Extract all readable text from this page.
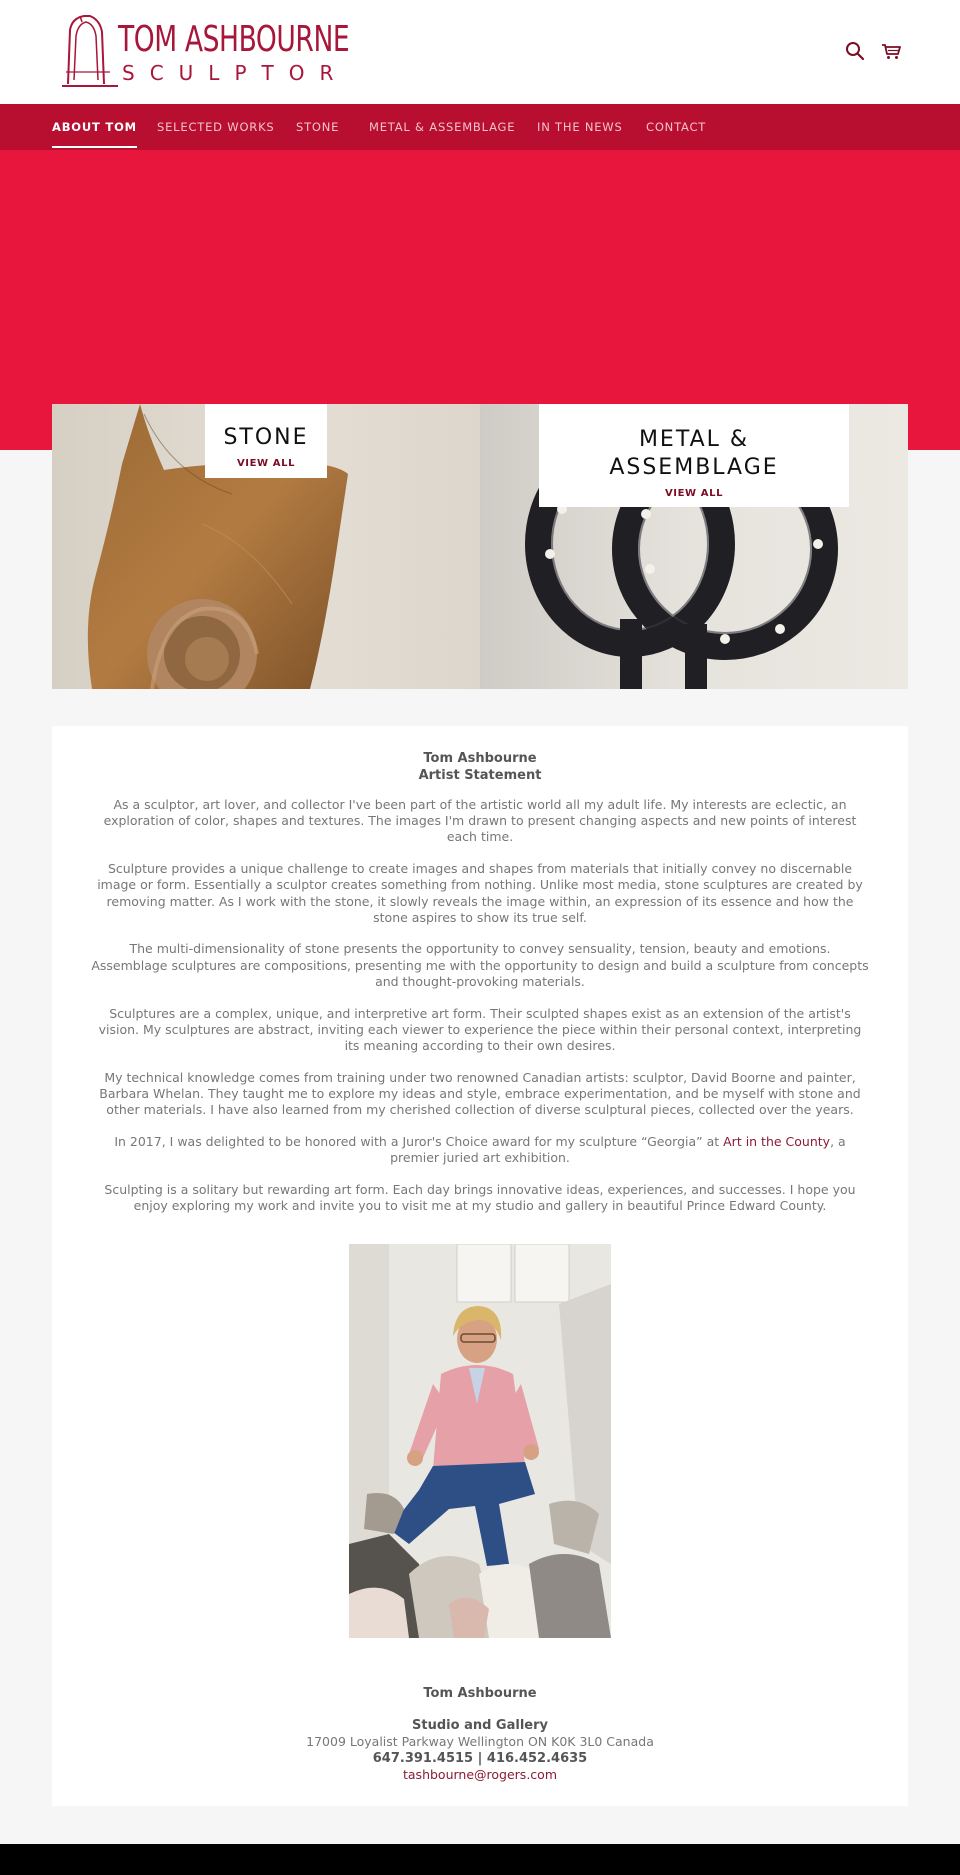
TOM ASHBOURNE
SCULPTOR
ABOUT TOM SELECTED WORKS STONE	METAL & ASSEMBLAGE IN THE NEWS CONTACT
STONE
VIEW ALL
METAL &
ASSEMBLAGE
VIEW ALL
Tom Ashbourne
Artist Statement

As a sculptor, art lover, and collector I've been part of the artistic world all my adult life. My interests are eclectic, an exploration of color, shapes and textures. The images I'm drawn to present changing aspects and new points of interest each time.

Sculpture provides a unique challenge to create images and shapes from materials that initially convey no discernable image or form. Essentially a sculptor creates something from nothing. Unlike most media, stone sculptures are created by removing matter. As I work with the stone, it slowly reveals the image within, an expression of its essence and how the stone aspires to show its true self.

The multi-dimensionality of stone presents the opportunity to convey sensuality, tension, beauty and emotions. Assemblage sculptures are compositions, presenting me with the opportunity to design and build a sculpture from concepts and thought-provoking materials.

Sculptures are a complex, unique, and interpretive art form. Their sculpted shapes exist as an extension of the artist's vision. My sculptures are abstract, inviting each viewer to experience the piece within their personal context, interpreting its meaning according to their own desires.

My technical knowledge comes from training under two renowned Canadian artists: sculptor, David Boorne and painter, Barbara Whelan. They taught me to explore my ideas and style, embrace experimentation, and be myself with stone and other materials. I have also learned from my cherished collection of diverse sculptural pieces, collected over the years.

In 2017, I was delighted to be honored with a Juror's Choice award for my sculpture “Georgia” at Art in the County, a premier juried art exhibition.

Sculpting is a solitary but rewarding art form. Each day brings innovative ideas, experiences, and successes. I hope you enjoy exploring my work and invite you to visit me at my studio and gallery in beautiful Prince Edward County.

Tom Ashbourne
Studio and Gallery
17009 Loyalist Parkway Wellington ON K0K 3L0 Canada
647.391.4515 | 416.452.4635
tashbourne@rogers.com
